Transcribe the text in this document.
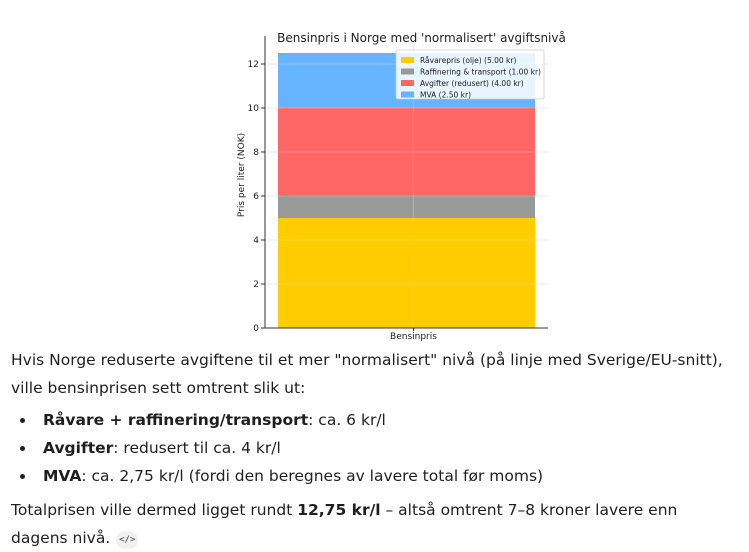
Bensinpris i Norge med 'normalisert' avgiftsnivå
0
2
4
6
8
10
12
Bensinpris
Pris per liter (NOK)
Råvarepris (olje) (5.00 kr)
Raffinering & transport (1.00 kr)
Avgifter (redusert) (4.00 kr)
MVA (2.50 kr)

Hvis Norge reduserte avgiftene til et mer "normalisert" nivå (på linje med Sverige/EU-snitt), ville bensinprisen sett omtrent slik ut:

Råvare + raffinering/transport: ca. 6 kr/l
Avgifter: redusert til ca. 4 kr/l
MVA: ca. 2,75 kr/l (fordi den beregnes av lavere total før moms)

Totalprisen ville dermed ligget rundt 12,75 kr/l – altså omtrent 7–8 kroner lavere enn dagens nivå. </>
